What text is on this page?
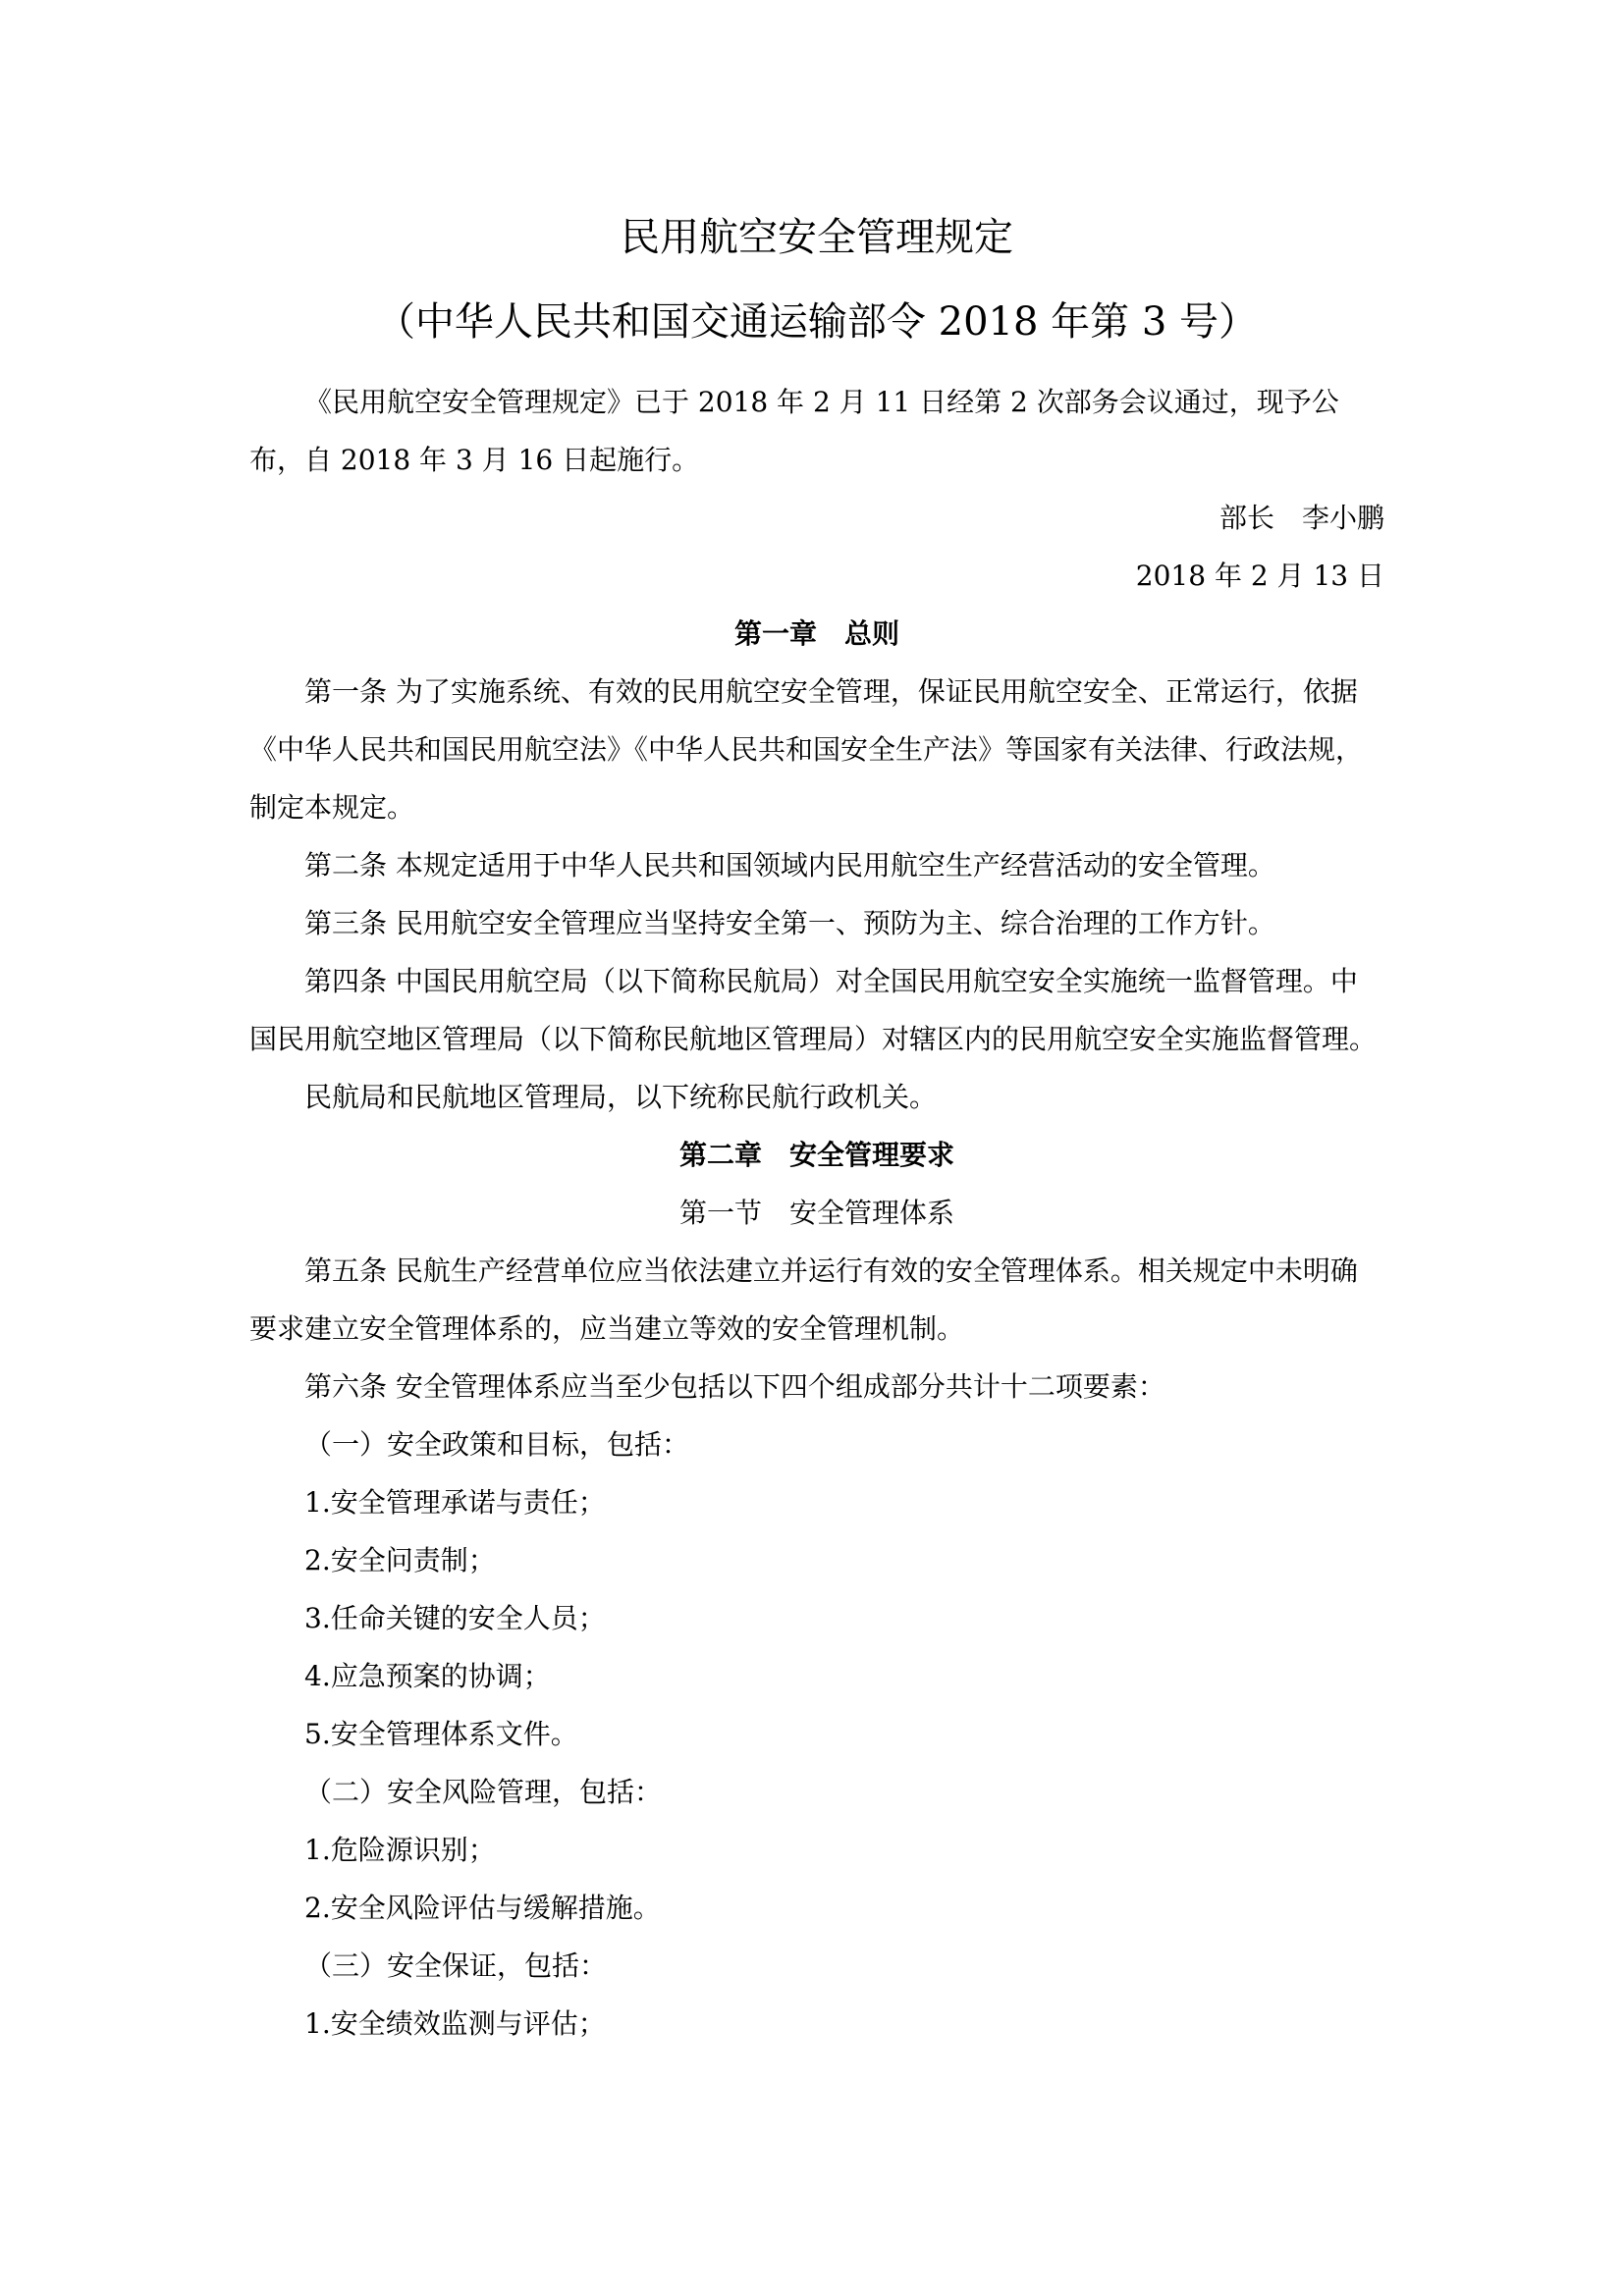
民用航空安全管理规定
（中华人民共和国交通运输部令 2018 年第 3 号）

《民用航空安全管理规定》已于 2018 年 2 月 11 日经第 2 次部务会议通过，现予公布，自 2018 年 3 月 16 日起施行。

部长　李小鹏

2018 年 2 月 13 日

第一章 总则

第一条 为了实施系统、有效的民用航空安全管理，保证民用航空安全、正常运行，依据《中华人民共和国民用航空法》《中华人民共和国安全生产法》等国家有关法律、行政法规，制定本规定。

第二条 本规定适用于中华人民共和国领域内民用航空生产经营活动的安全管理。

第三条 民用航空安全管理应当坚持安全第一、预防为主、综合治理的工作方针。

第四条 中国民用航空局（以下简称民航局）对全国民用航空安全实施统一监督管理。中国民用航空地区管理局（以下简称民航地区管理局）对辖区内的民用航空安全实施监督管理。

民航局和民航地区管理局，以下统称民航行政机关。

第二章 安全管理要求

第一节 安全管理体系

第五条 民航生产经营单位应当依法建立并运行有效的安全管理体系。相关规定中未明确要求建立安全管理体系的，应当建立等效的安全管理机制。

第六条 安全管理体系应当至少包括以下四个组成部分共计十二项要素：

（一）安全政策和目标，包括：

1.安全管理承诺与责任；

2.安全问责制；

3.任命关键的安全人员；

4.应急预案的协调；

5.安全管理体系文件。

（二）安全风险管理，包括：

1.危险源识别；

2.安全风险评估与缓解措施。

（三）安全保证，包括：

1.安全绩效监测与评估；
